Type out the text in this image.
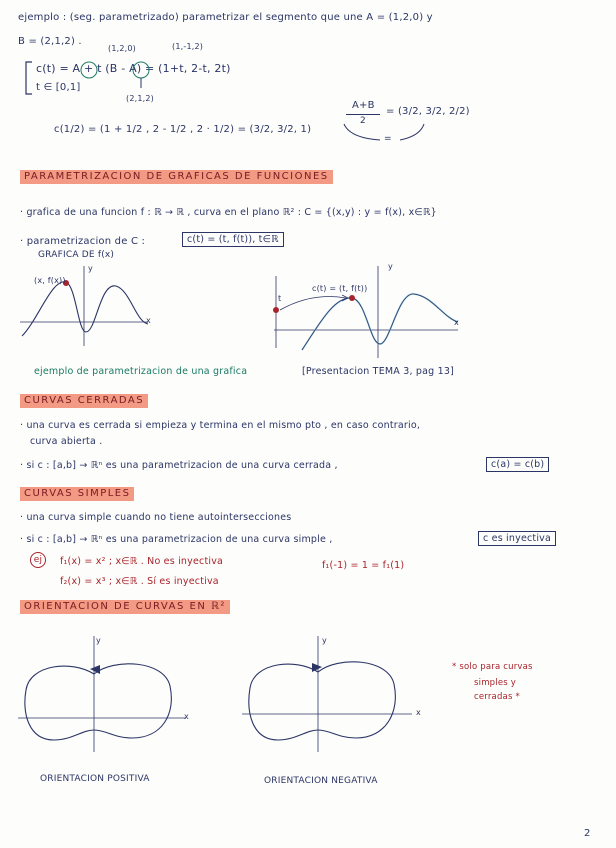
ejemplo : (seg. parametrizado) parametrizar el segmento que une A = (1,2,0) y
B = (2,1,2) .
(1,2,0)	(1,-1,2)
c(t) = A + t (B - A) = (1+t, 2-t, 2t)
t ∈ [0,1]
(2,1,2)
c(1/2) = (1 + 1/2 , 2 - 1/2 , 2 · 1/2) = (3/2, 3/2, 1)
A+B
2
= (3/2, 3/2, 2/2)
=
PARAMETRIZACION DE GRAFICAS DE FUNCIONES
· grafica de una funcion f : ℝ → ℝ , curva en el plano ℝ² : C = {(x,y) : y = f(x), x∈ℝ}
· parametrizacion de C :	c(t) = (t, f(t)), t∈ℝ
GRAFICA DE f(x)
(x, f(x))
y
x
c(t) = (t, f(t))
y
x
t
ejemplo de parametrizacion de una grafica	[Presentacion TEMA 3, pag 13]
CURVAS CERRADAS
· una curva es cerrada si empieza y termina en el mismo pto , en caso contrario,
curva abierta .
· si c : [a,b] → ℝⁿ es una parametrizacion de una curva cerrada ,	c(a) = c(b)
CURVAS SIMPLES
· una curva simple cuando no tiene autointersecciones
· si c : [a,b] → ℝⁿ es una parametrizacion de una curva simple ,	c es inyectiva
ej	f₁(x) = x² ; x∈ℝ . No es inyectiva	f₁(-1) = 1 = f₁(1)
f₂(x) = x³ ; x∈ℝ . Sí es inyectiva
ORIENTACION DE CURVAS EN ℝ²
y
x
y
x
ORIENTACION POSITIVA	ORIENTACION NEGATIVA
* solo para curvas
simples y
cerradas *
2
